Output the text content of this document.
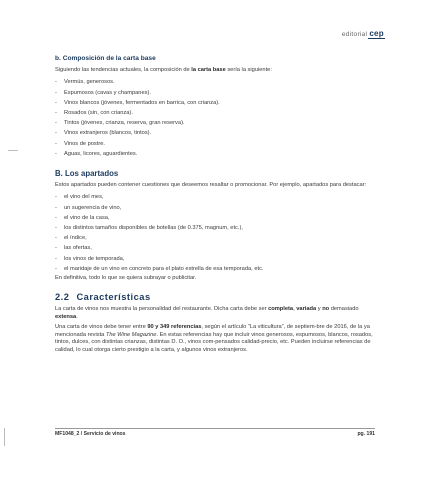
editorial cep
b. Composición de la carta base

Siguiendo las tendencias actuales, la composición de la carta base sería la siguiente:

- Vermús, generosos.
- Espumosos (cavas y champanes).
- Vinos blancos (jóvenes, fermentados en barrica, con crianza).
- Rosados (sin, con crianza).
- Tintos (jóvenes, crianza, reserva, gran reserva).
- Vinos extranjeros (blancos, tintos).
- Vinos de postre.
- Aguas, licores, aguardientes.
B. Los apartados

Estos apartados pueden contener cuestiones que deseemos resaltar o promocionar. Por ejemplo, apartados para destacar:

- el vino del mes,
- un sugerencia de vino,
- el vino de la casa,
- los distintos tamaños disponibles de botellas (de 0.375, magnum, etc.),
- el índice,
- las ofertas,
- los vinos de temporada,
- el maridaje de un vino en concreto para el plato estrella de esa temporada, etc.

En definitiva, todo lo que se quiera subrayar o publicitar.

2.2 Características

La carta de vinos nos muestra la personalidad del restaurante. Dicha carta debe ser completa, variada y no demasiado extensa.

Una carta de vinos debe tener entre 90 y 349 referencias, según el artículo “La viticultura”, de septiem-bre de 2016, de la ya mencionada revista The Wine Magazine. En estas referencias hay que incluir vinos generosos, espumosos, blancos, rosados, tintos, dulces, con distintas crianzas, distintas D. O., vinos com-pensados calidad-precio, etc. Pueden incluirse referencias de calidad, lo cual otorga cierto prestigio a la carta, y algunos vinos extranjeros.

MF1048_2 / Servicio de vinos	pg. 191
